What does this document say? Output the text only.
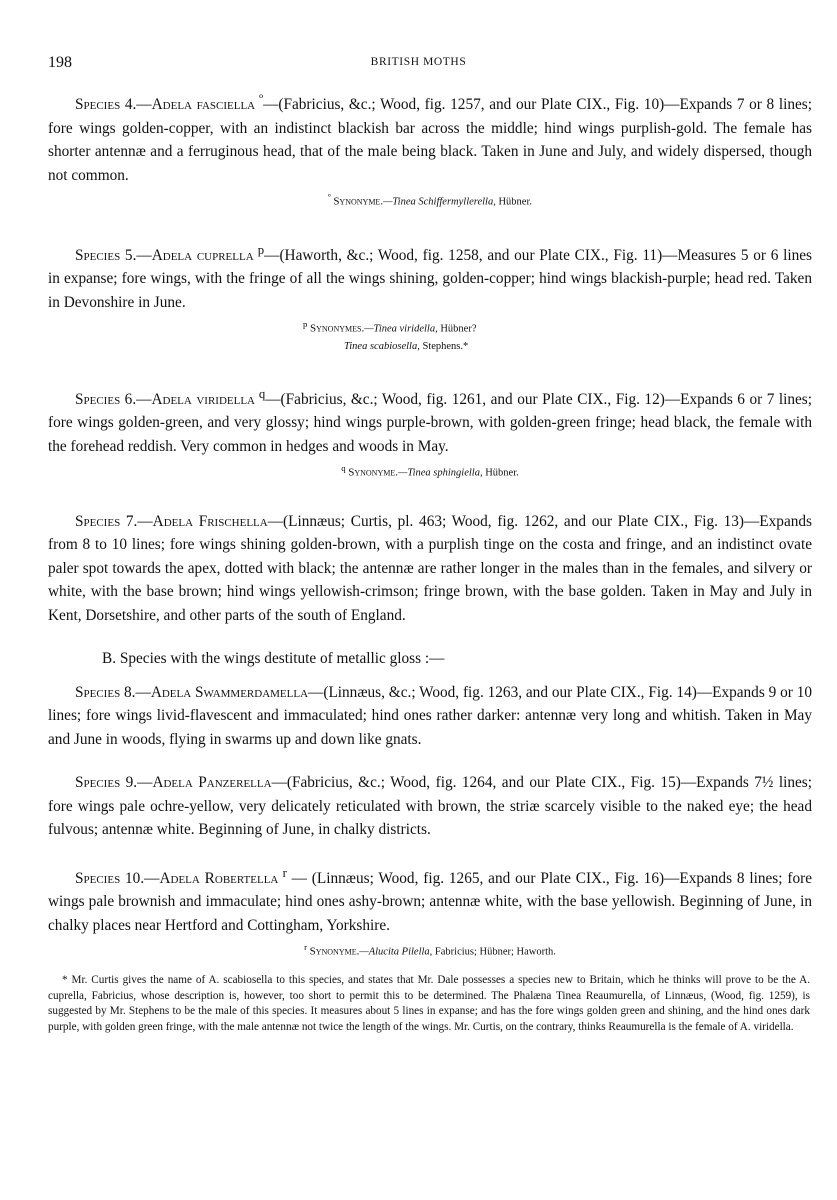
198	BRITISH MOTHS

Species 4.—Adela fasciella $^º$—(Fabricius, &c.; Wood, fig. 1257, and our Plate CIX., Fig. 10)—Expands 7 or 8 lines; fore wings golden-copper, with an indistinct blackish bar across the middle; hind wings purplish-gold. The female has shorter antennæ and a ferruginous head, that of the male being black. Taken in June and July, and widely dispersed, though not common.

$^º$ Synonyme.—Tinea Schiffermyllerella, Hübner.

Species 5.—Adela cuprella $^p$—(Haworth, &c.; Wood, fig. 1258, and our Plate CIX., Fig. 11)—Measures 5 or 6 lines in expanse; fore wings, with the fringe of all the wings shining, golden-copper; hind wings blackish-purple; head red. Taken in Devonshire in June.

$^p$ Synonymes.—Tinea viridella, Hübner?
Tinea scabiosella, Stephens.*

Species 6.—Adela viridella $^q$—(Fabricius, &c.; Wood, fig. 1261, and our Plate CIX., Fig. 12)—Expands 6 or 7 lines; fore wings golden-green, and very glossy; hind wings purple-brown, with golden-green fringe; head black, the female with the forehead reddish. Very common in hedges and woods in May.

$^q$ Synonyme.—Tinea sphingiella, Hübner.

Species 7.—Adela Frischella—(Linnæus; Curtis, pl. 463; Wood, fig. 1262, and our Plate CIX., Fig. 13)—Expands from 8 to 10 lines; fore wings shining golden-brown, with a purplish tinge on the costa and fringe, and an indistinct ovate paler spot towards the apex, dotted with black; the antennæ are rather longer in the males than in the females, and silvery or white, with the base brown; hind wings yellowish-crimson; fringe brown, with the base golden. Taken in May and July in Kent, Dorsetshire, and other parts of the south of England.

B. Species with the wings destitute of metallic gloss :—

Species 8.—Adela Swammerdamella—(Linnæus, &c.; Wood, fig. 1263, and our Plate CIX., Fig. 14)—Expands 9 or 10 lines; fore wings livid-flavescent and immaculated; hind ones rather darker: antennæ very long and whitish. Taken in May and June in woods, flying in swarms up and down like gnats.

Species 9.—Adela Panzerella—(Fabricius, &c.; Wood, fig. 1264, and our Plate CIX., Fig. 15)—Expands 7½ lines; fore wings pale ochre-yellow, very delicately reticulated with brown, the striæ scarcely visible to the naked eye; the head fulvous; antennæ white. Beginning of June, in chalky districts.

Species 10.—Adela Robertella $^r$ — (Linnæus; Wood, fig. 1265, and our Plate CIX., Fig. 16)—Expands 8 lines; fore wings pale brownish and immaculate; hind ones ashy-brown; antennæ white, with the base yellowish. Beginning of June, in chalky places near Hertford and Cottingham, Yorkshire.

$^r$ Synonyme.—Alucita Pilella, Fabricius; Hübner; Haworth.

* Mr. Curtis gives the name of A. scabiosella to this species, and states that Mr. Dale possesses a species new to Britain, which he thinks will prove to be the A. cuprella, Fabricius, whose description is, however, too short to permit this to be determined. The Phalæna Tinea Reaumurella, of Linnæus, (Wood, fig. 1259), is suggested by Mr. Stephens to be the male of this species. It measures about 5 lines in expanse; and has the fore wings golden green and shining, and the hind ones dark purple, with golden green fringe, with the male antennæ not twice the length of the wings. Mr. Curtis, on the contrary, thinks Reaumurella is the female of A. viridella.
